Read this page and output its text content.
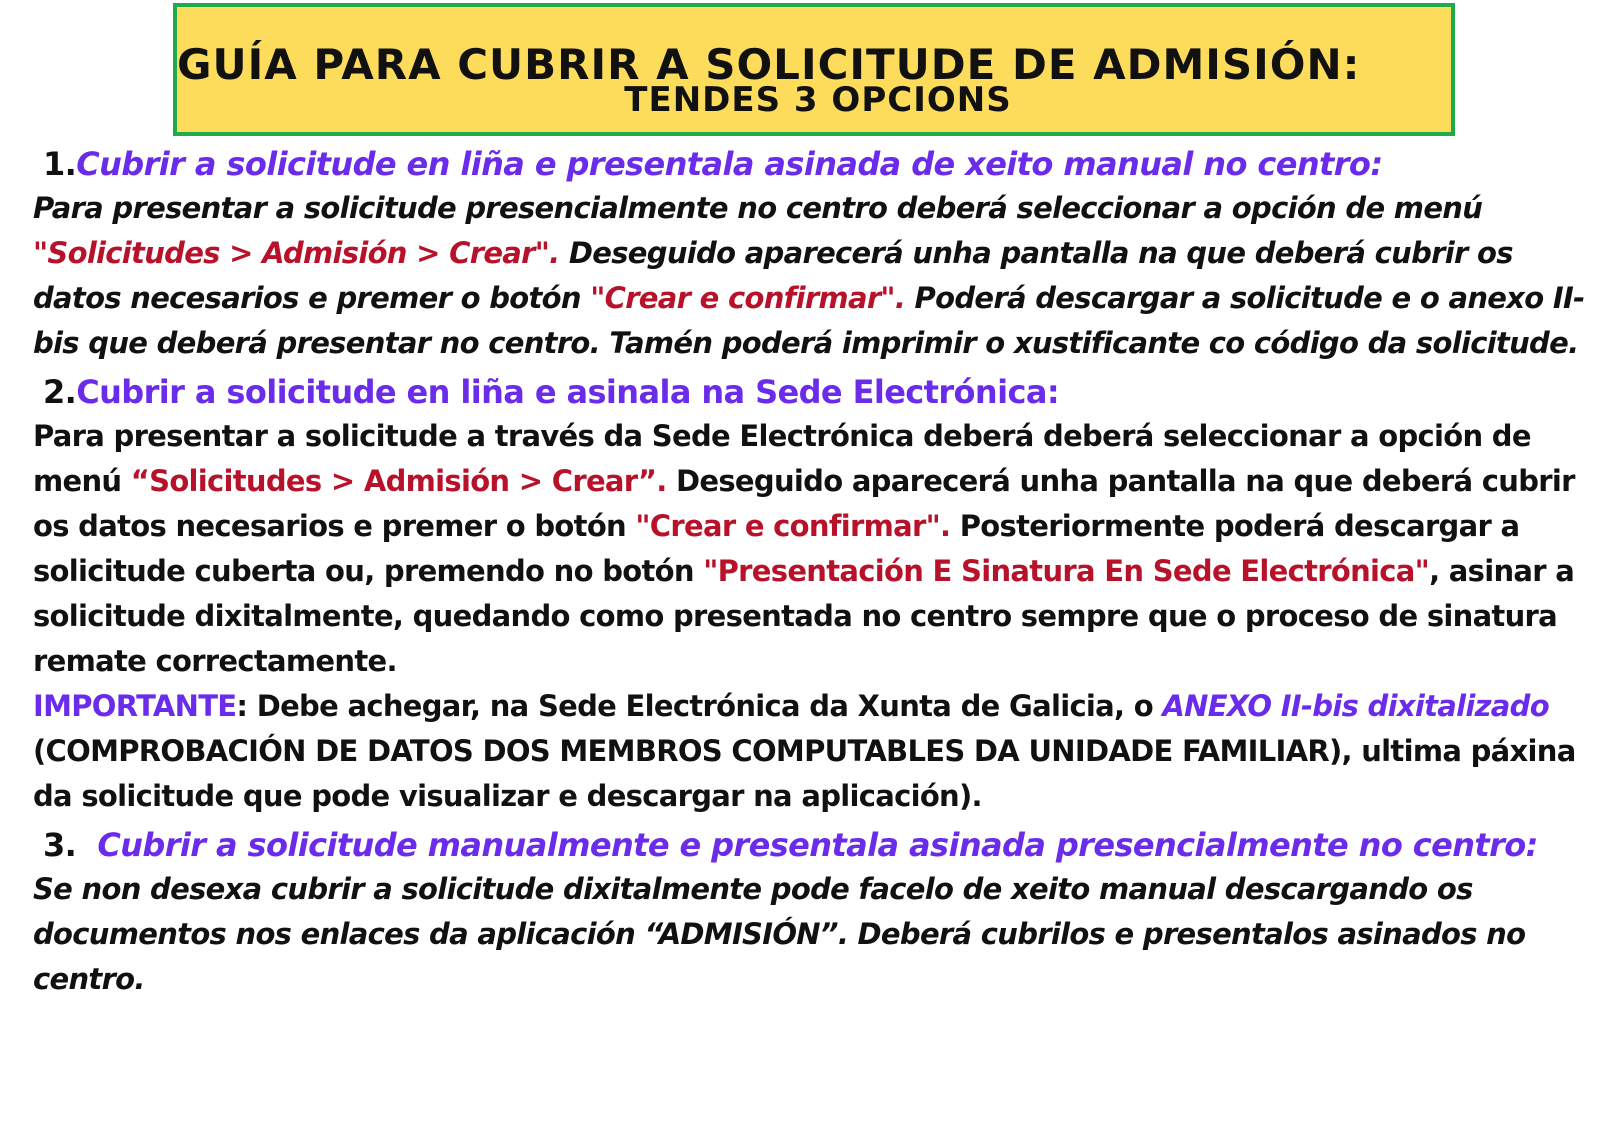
GUÍA PARA CUBRIR A SOLICITUDE DE ADMISIÓN:
TENDES 3 OPCIONS
1.Cubrir a solicitude en liña e presentala asinada de xeito manual no centro:

Para presentar a solicitude presencialmente no centro deberá seleccionar a opción de menú "Solicitudes > Admisión > Crear". Deseguido aparecerá unha pantalla na que deberá cubrir os datos necesarios e premer o botón "Crear e confirmar". Poderá descargar a solicitude e o anexo II-bis que deberá presentar no centro. Tamén poderá imprimir o xustificante co código da solicitude.

2.Cubrir a solicitude en liña e asinala na Sede Electrónica:

Para presentar a solicitude a través da Sede Electrónica deberá deberá seleccionar a opción de menú “Solicitudes > Admisión > Crear”. Deseguido aparecerá unha pantalla na que deberá cubrir os datos necesarios e premer o botón "Crear e confirmar". Posteriormente poderá descargar a solicitude cuberta ou, premendo no botón "Presentación E Sinatura En Sede Electrónica", asinar a solicitude dixitalmente, quedando como presentada no centro sempre que o proceso de sinatura remate correctamente.
IMPORTANTE: Debe achegar, na Sede Electrónica da Xunta de Galicia, o ANEXO II-bis dixitalizado (COMPROBACIÓN DE DATOS DOS MEMBROS COMPUTABLES DA UNIDADE FAMILIAR), ultima páxina da solicitude que pode visualizar e descargar na aplicación).

3. Cubrir a solicitude manualmente e presentala asinada presencialmente no centro:

Se non desexa cubrir a solicitude dixitalmente pode facelo de xeito manual descargando os documentos nos enlaces da aplicación “ADMISIÓN”. Deberá cubrilos e presentalos asinados no centro.
